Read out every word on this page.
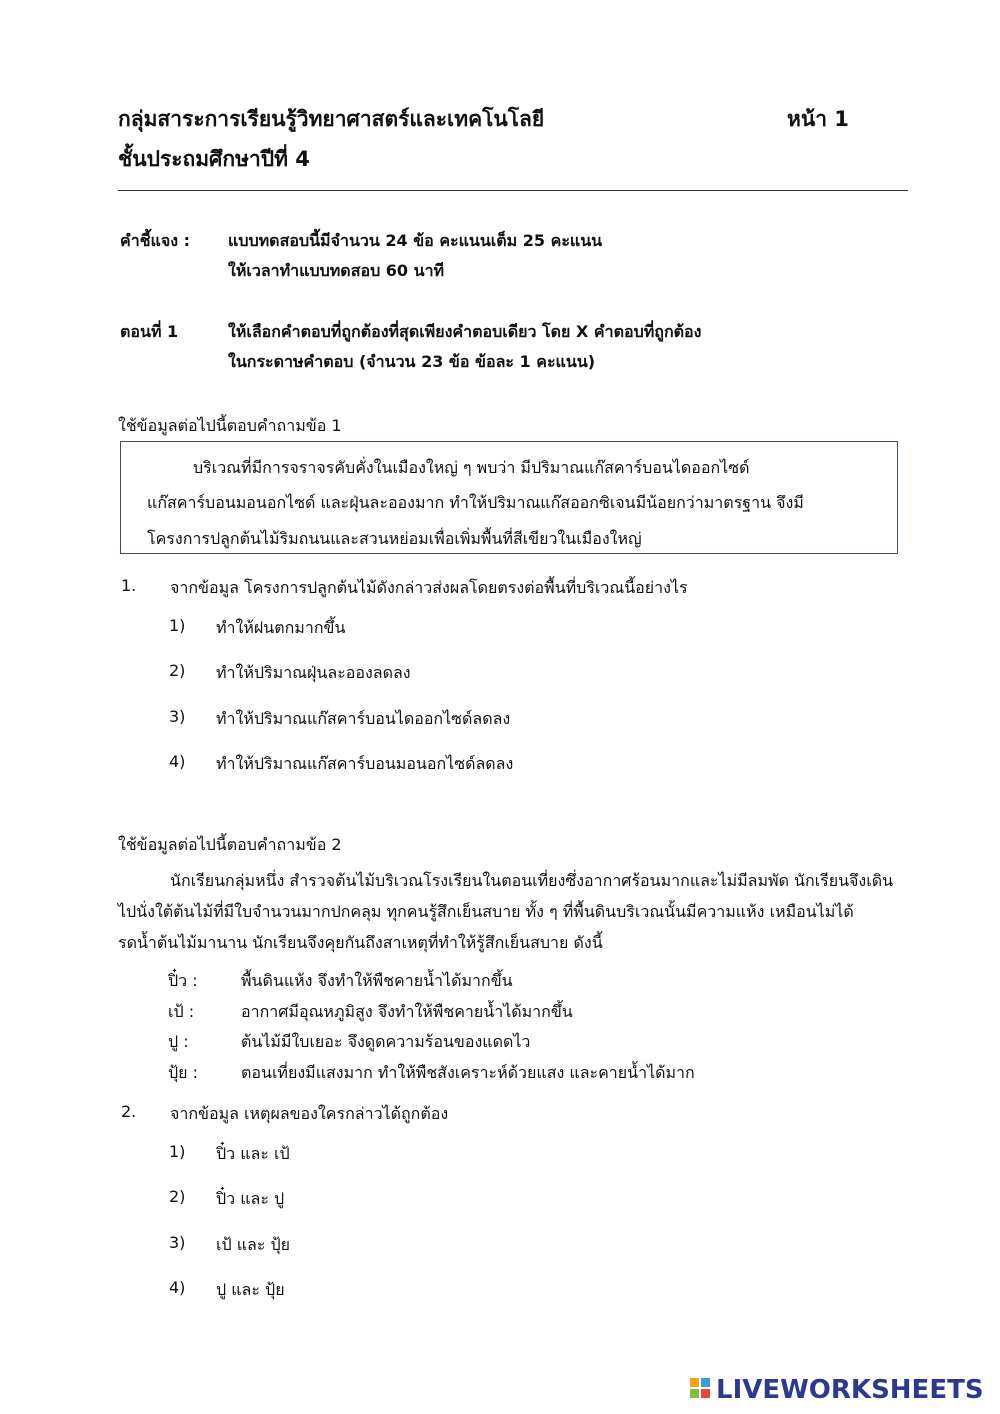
กลุ่มสาระการเรียนรู้วิทยาศาสตร์และเทคโนโลยี	หน้า 1
ชั้นประถมศึกษาปีที่ 4
คำชี้แจง : แบบทดสอบนี้มีจำนวน 24 ข้อ คะแนนเต็ม 25 คะแนน
ให้เวลาทำแบบทดสอบ 60 นาที
ตอนที่ 1	ให้เลือกคำตอบที่ถูกต้องที่สุดเพียงคำตอบเดียว โดย X คำตอบที่ถูกต้อง
ในกระดาษคำตอบ (จำนวน 23 ข้อ ข้อละ 1 คะแนน)
ใช้ข้อมูลต่อไปนี้ตอบคำถามข้อ 1
บริเวณที่มีการจราจรคับคั่งในเมืองใหญ่ ๆ พบว่า มีปริมาณแก๊สคาร์บอนไดออกไซด์
แก๊สคาร์บอนมอนอกไซด์ และฝุ่นละอองมาก ทำให้ปริมาณแก๊สออกซิเจนมีน้อยกว่ามาตรฐาน จึงมี
โครงการปลูกต้นไม้ริมถนนและสวนหย่อมเพื่อเพิ่มพื้นที่สีเขียวในเมืองใหญ่
1. จากข้อมูล โครงการปลูกต้นไม้ดังกล่าวส่งผลโดยตรงต่อพื้นที่บริเวณนี้อย่างไร
1) ทำให้ฝนตกมากขึ้น
2) ทำให้ปริมาณฝุ่นละอองลดลง
3) ทำให้ปริมาณแก๊สคาร์บอนไดออกไซด์ลดลง
4) ทำให้ปริมาณแก๊สคาร์บอนมอนอกไซด์ลดลง
ใช้ข้อมูลต่อไปนี้ตอบคำถามข้อ 2
นักเรียนกลุ่มหนึ่ง สำรวจต้นไม้บริเวณโรงเรียนในตอนเที่ยงซึ่งอากาศร้อนมากและไม่มีลมพัด นักเรียนจึงเดิน
ไปนั่งใต้ต้นไม้ที่มีใบจำนวนมากปกคลุม ทุกคนรู้สึกเย็นสบาย ทั้ง ๆ ที่พื้นดินบริเวณนั้นมีความแห้ง เหมือนไม่ได้
รดน้ำต้นไม้มานาน นักเรียนจึงคุยกันถึงสาเหตุที่ทำให้รู้สึกเย็นสบาย ดังนี้
ปิ๋ว :	พื้นดินแห้ง จึงทำให้พืชคายน้ำได้มากขึ้น
เป้ :	อากาศมีอุณหภูมิสูง จึงทำให้พืชคายน้ำได้มากขึ้น
ปู :	ต้นไม้มีใบเยอะ จึงดูดความร้อนของแดดไว
ปุ้ย :	ตอนเที่ยงมีแสงมาก ทำให้พืชสังเคราะห์ด้วยแสง และคายน้ำได้มาก
2. จากข้อมูล เหตุผลของใครกล่าวได้ถูกต้อง
1) ปิ๋ว และ เป้
2) ปิ๋ว และ ปู
3) เป้ และ ปุ้ย
4) ปู และ ปุ้ย
LIVEWORKSHEETS
